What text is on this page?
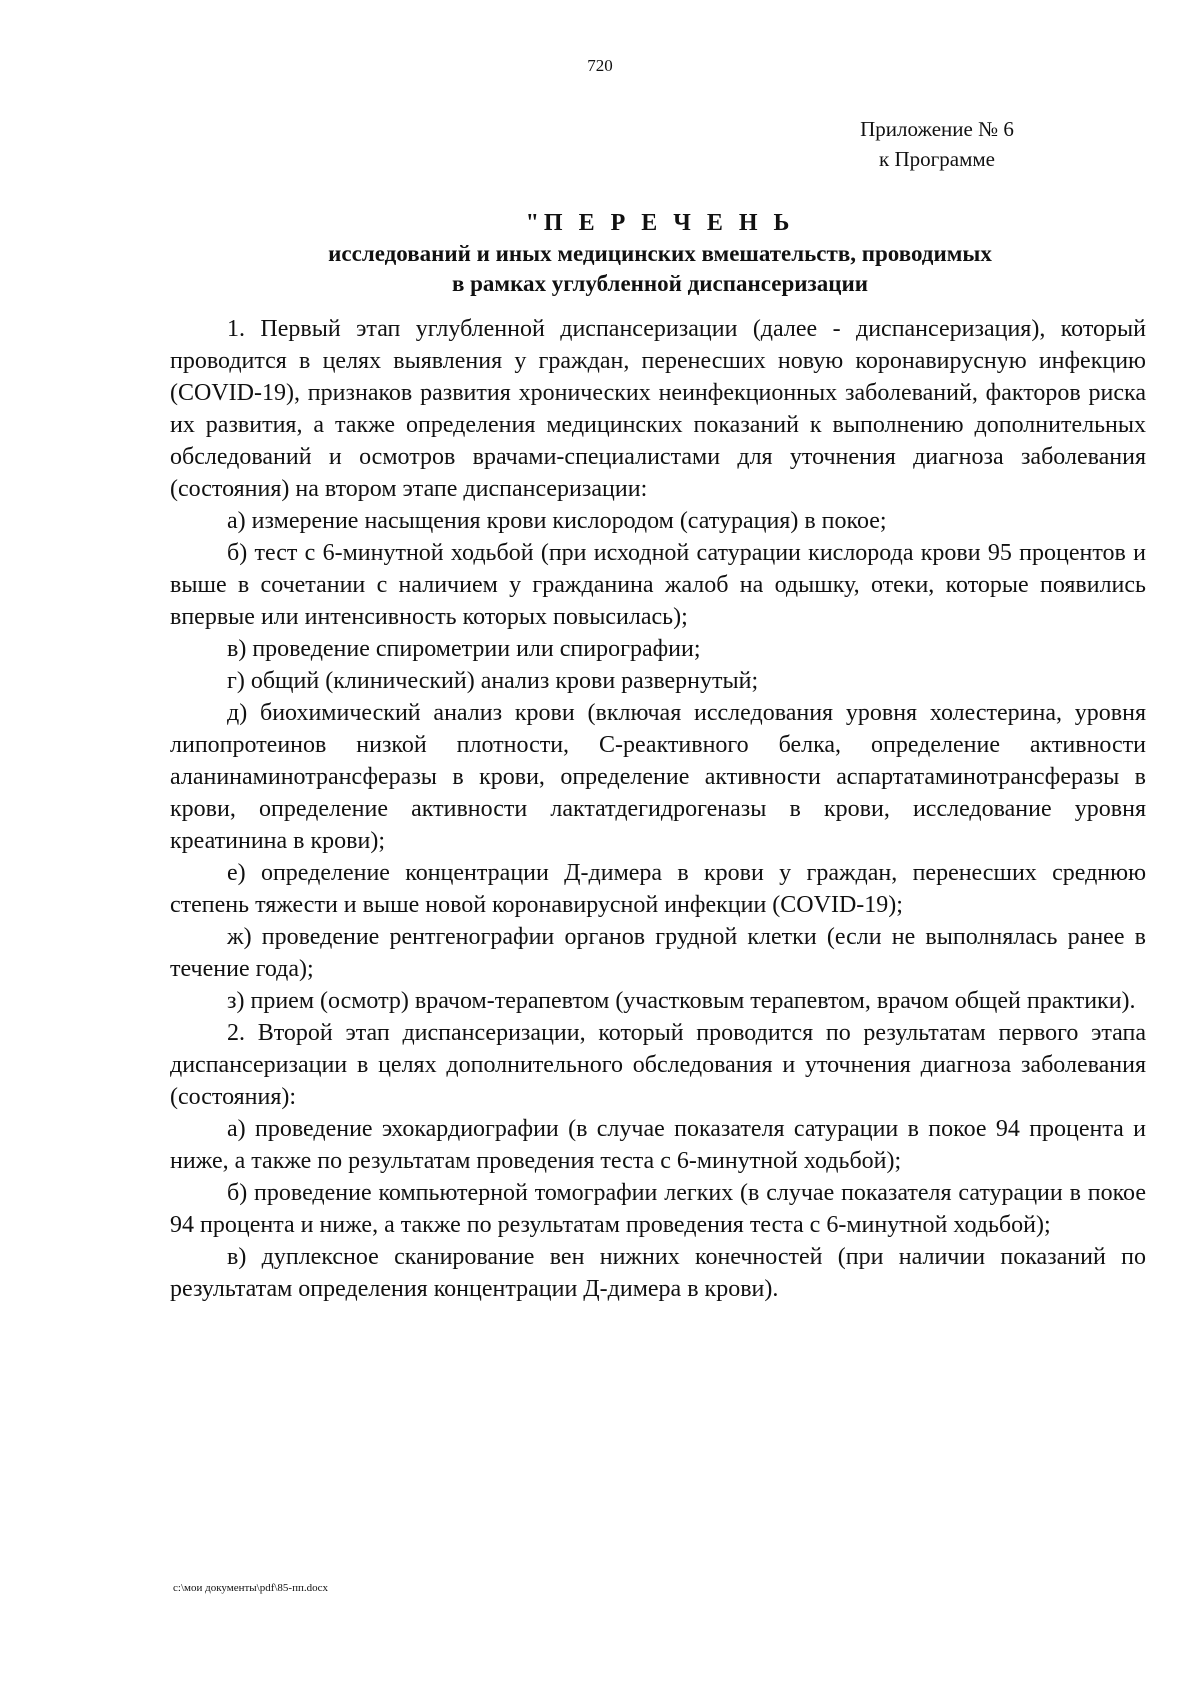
720
Приложение № 6
к Программе
"П Е Р Е Ч Е Н Ь
исследований и иных медицинских вмешательств, проводимых
в рамках углубленной диспансеризации

1. Первый этап углубленной диспансеризации (далее - диспансеризация), который проводится в целях выявления у граждан, перенесших новую коронавирусную инфекцию (COVID-19), признаков развития хронических неинфекционных заболеваний, факторов риска их развития, а также определения медицинских показаний к выполнению дополнительных обследований и осмотров врачами-специалистами для уточнения диагноза заболевания (состояния) на втором этапе диспансеризации:

а) измерение насыщения крови кислородом (сатурация) в покое;

б) тест с 6-минутной ходьбой (при исходной сатурации кислорода крови 95 процентов и выше в сочетании с наличием у гражданина жалоб на одышку, отеки, которые появились впервые или интенсивность которых повысилась);

в) проведение спирометрии или спирографии;

г) общий (клинический) анализ крови развернутый;

д) биохимический анализ крови (включая исследования уровня холестерина, уровня липопротеинов низкой плотности, С-реактивного белка, определение активности аланинаминотрансферазы в крови, определение активности аспартатаминотрансферазы в крови, определение активности лактатдегидрогеназы в крови, исследование уровня креатинина в крови);

е) определение концентрации Д-димера в крови у граждан, перенесших среднюю степень тяжести и выше новой коронавирусной инфекции (COVID-19);

ж) проведение рентгенографии органов грудной клетки (если не выполнялась ранее в течение года);

з) прием (осмотр) врачом-терапевтом (участковым терапевтом, врачом общей практики).

2. Второй этап диспансеризации, который проводится по результатам первого этапа диспансеризации в целях дополнительного обследования и уточнения диагноза заболевания (состояния):

а) проведение эхокардиографии (в случае показателя сатурации в покое 94 процента и ниже, а также по результатам проведения теста с 6-минутной ходьбой);

б) проведение компьютерной томографии легких (в случае показателя сатурации в покое 94 процента и ниже, а также по результатам проведения теста с 6-минутной ходьбой);

в) дуплексное сканирование вен нижних конечностей (при наличии показаний по результатам определения концентрации Д-димера в крови).

c:\мои документы\pdf\85-пп.docx
